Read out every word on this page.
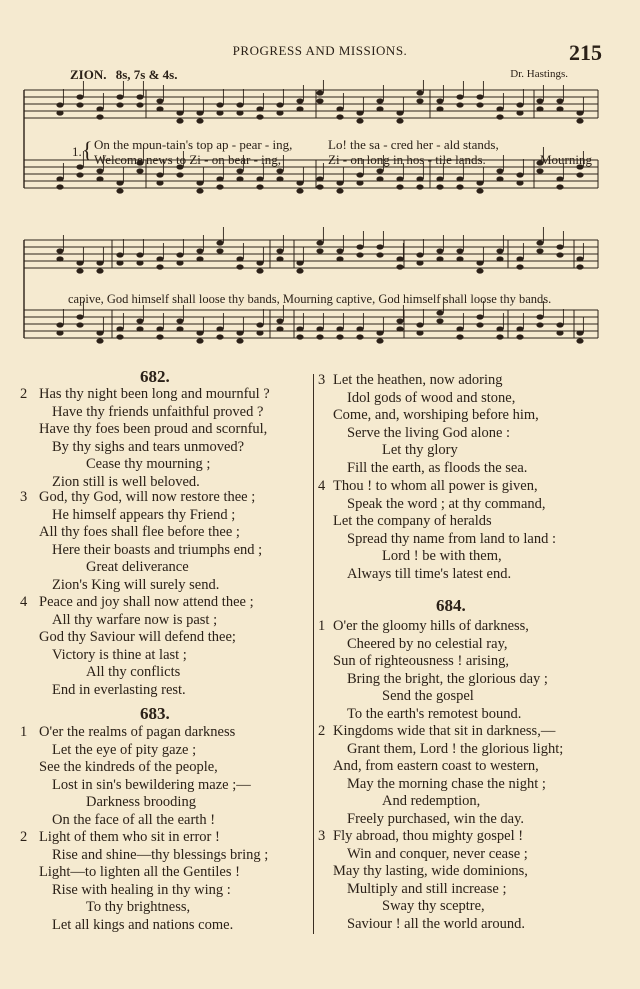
PROGRESS AND MISSIONS.	215
ZION. 8s, 7s & 4s.	Dr. Hastings.
1. { On the moun-tain's top ap - pear - ing,	Lo! the sa - cred her - ald stands,
Welcome news to Zi - on bear - ing,	Zi - on long in hos - tile lands.	Mourning
capive, God himself shall loose thy bands, Mourning captive, God himself shall loose thy bands.
682.
2 Has thy night been long and mournful ?
Have thy friends unfaithful proved ?
Have thy foes been proud and scornful,
By thy sighs and tears unmoved?
Cease thy mourning ;
Zion still is well beloved.
3 God, thy God, will now restore thee ;
He himself appears thy Friend ;
All thy foes shall flee before thee ;
Here their boasts and triumphs end ;
Great deliverance
Zion's King will surely send.
4 Peace and joy shall now attend thee ;
All thy warfare now is past ;
God thy Saviour will defend thee;
Victory is thine at last ;
All thy conflicts
End in everlasting rest.
683.
1 O'er the realms of pagan darkness
Let the eye of pity gaze ;
See the kindreds of the people,
Lost in sin's bewildering maze ;—
Darkness brooding
On the face of all the earth !
2 Light of them who sit in error !
Rise and shine—thy blessings bring ;
Light—to lighten all the Gentiles !
Rise with healing in thy wing :
To thy brightness,
Let all kings and nations come.
3 Let the heathen, now adoring
Idol gods of wood and stone,
Come, and, worshiping before him,
Serve the living God alone :
Let thy glory
Fill the earth, as floods the sea.
4 Thou ! to whom all power is given,
Speak the word ; at thy command,
Let the company of heralds
Spread thy name from land to land :
Lord ! be with them,
Always till time's latest end.
684.
1 O'er the gloomy hills of darkness,
Cheered by no celestial ray,
Sun of righteousness ! arising,
Bring the bright, the glorious day ;
Send the gospel
To the earth's remotest bound.
2 Kingdoms wide that sit in darkness,—
Grant them, Lord ! the glorious light;
And, from eastern coast to western,
May the morning chase the night ;
And redemption,
Freely purchased, win the day.
3 Fly abroad, thou mighty gospel !
Win and conquer, never cease ;
May thy lasting, wide dominions,
Multiply and still increase ;
Sway thy sceptre,
Saviour ! all the world around.
